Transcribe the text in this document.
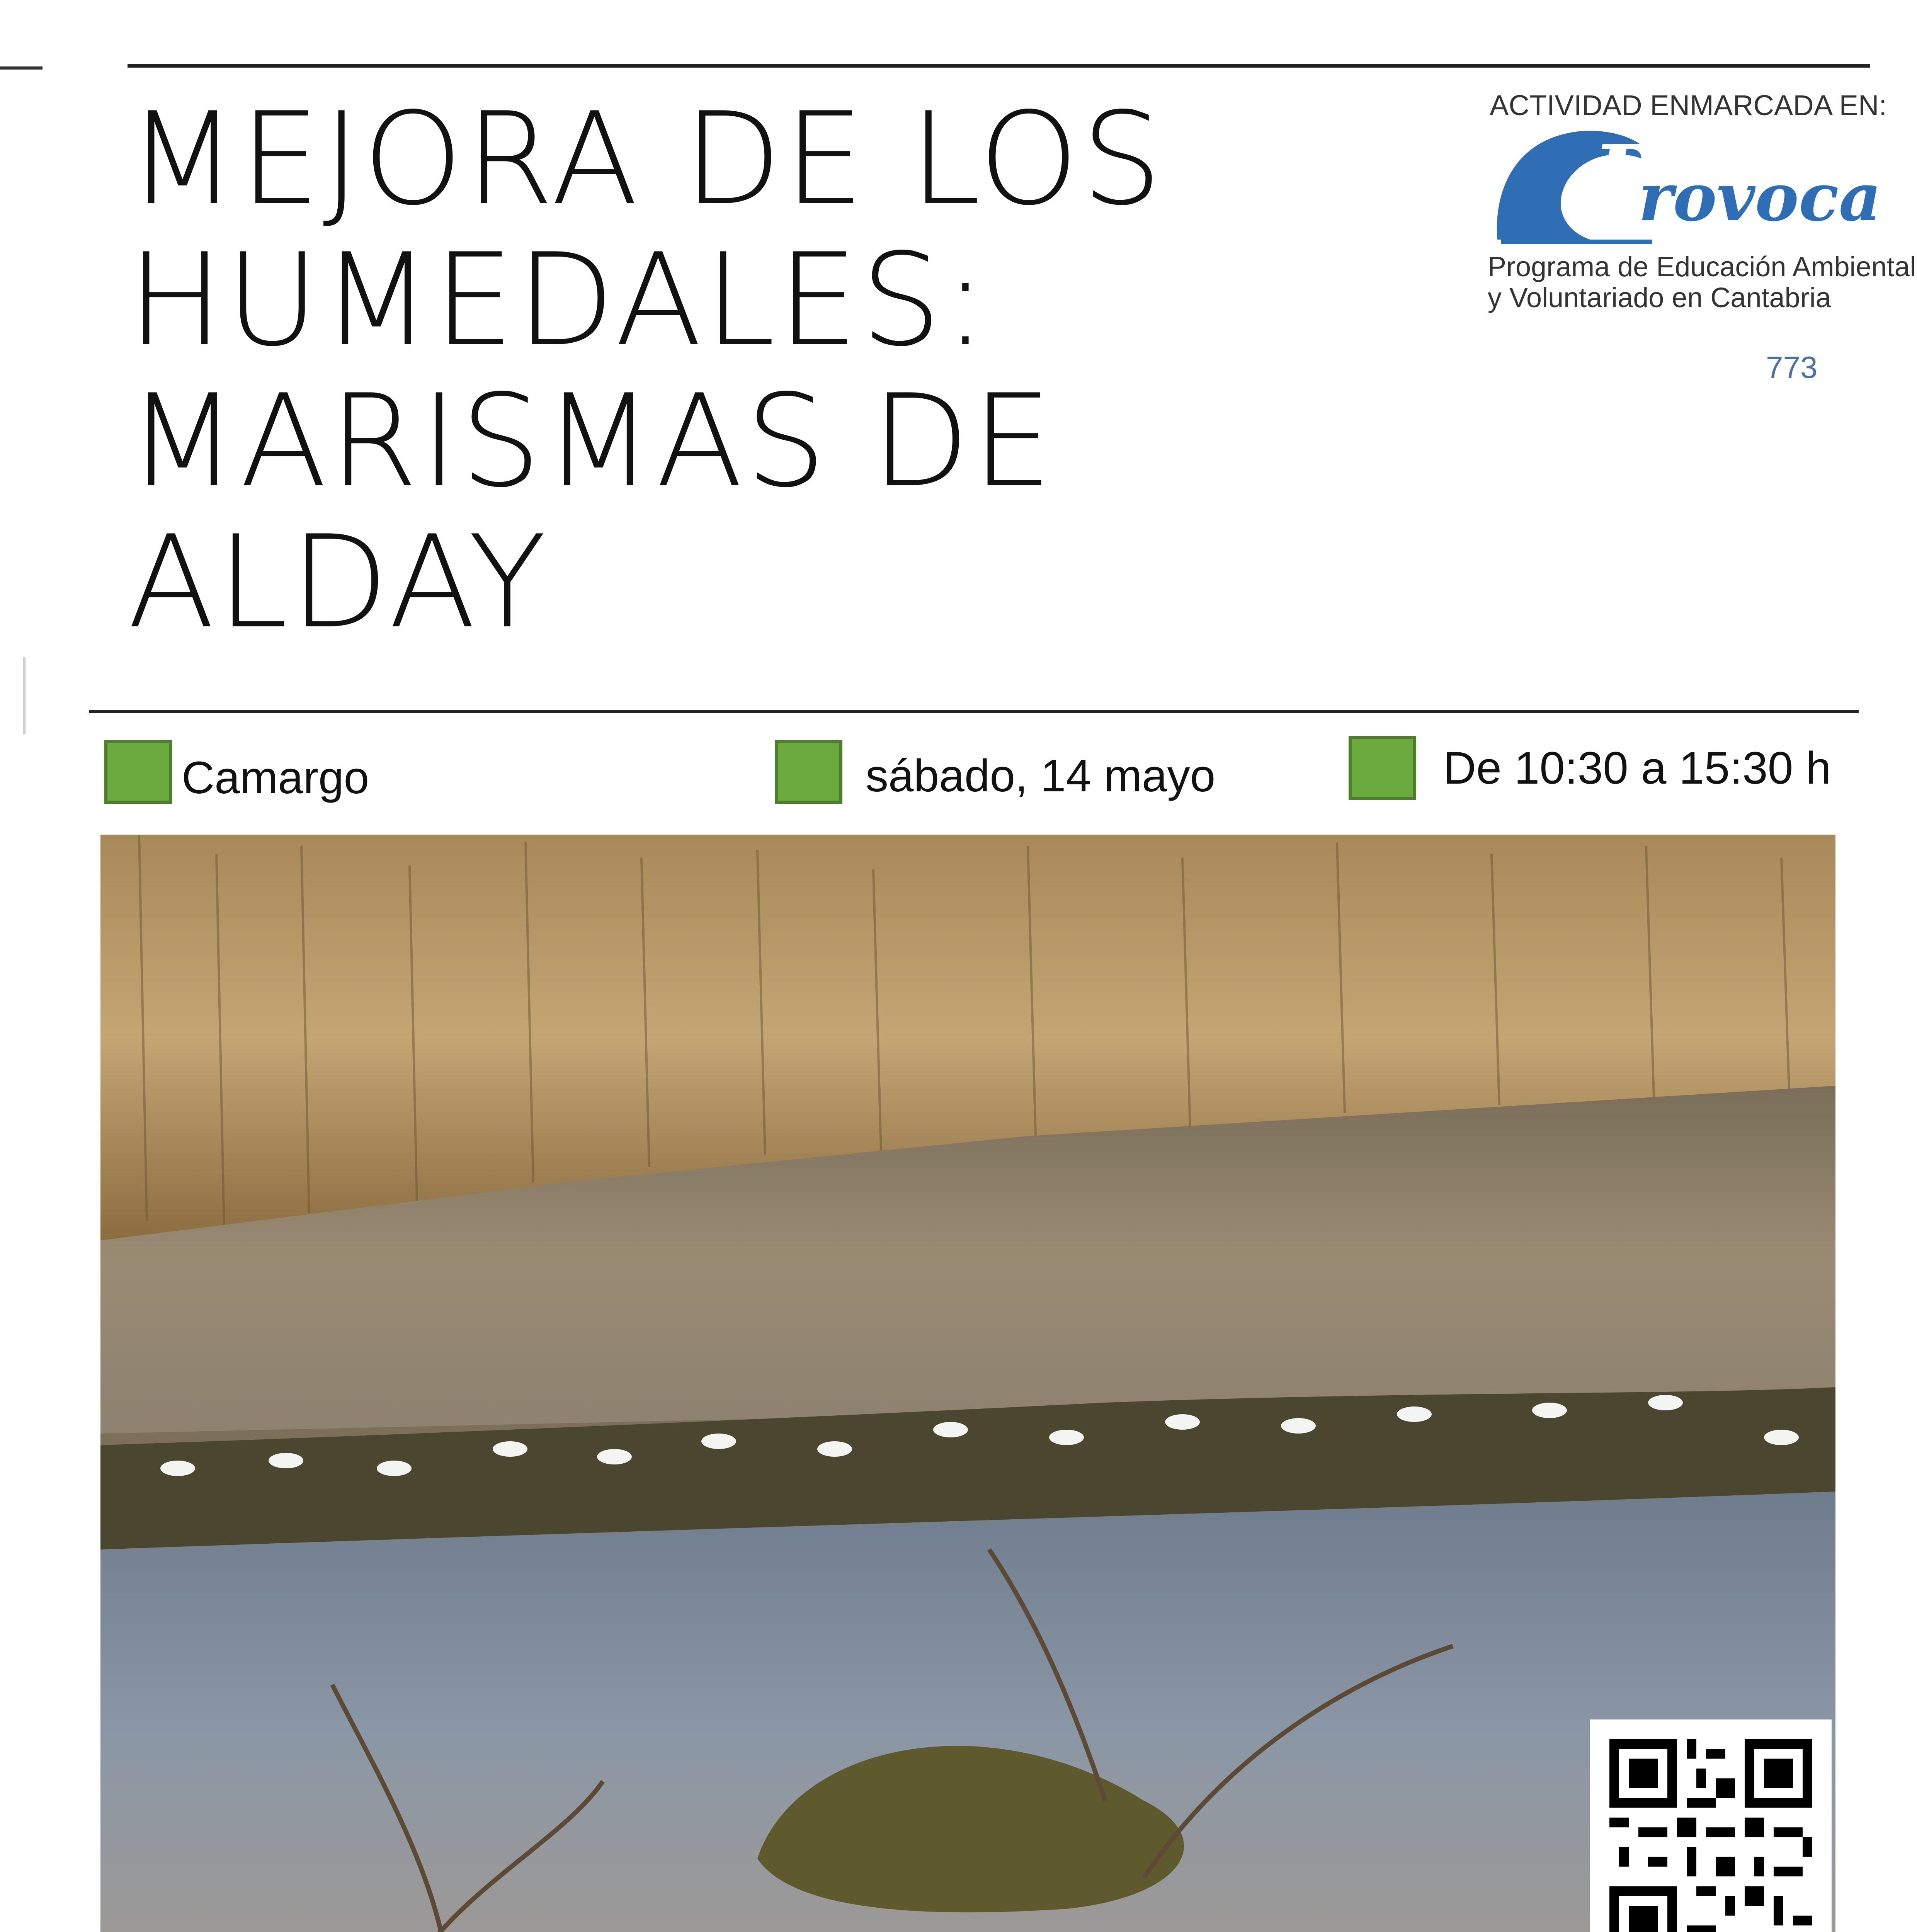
MEJORA DE LOS
HUMEDALES:
MARISMAS DE ALDAY
ACTIVIDAD ENMARCADA EN:
P
rovoca
Programa de Educación Ambiental
y Voluntariado en Cantabria
773
Camargo	sábado, 14 mayo	De 10:30 a 15:30 h
